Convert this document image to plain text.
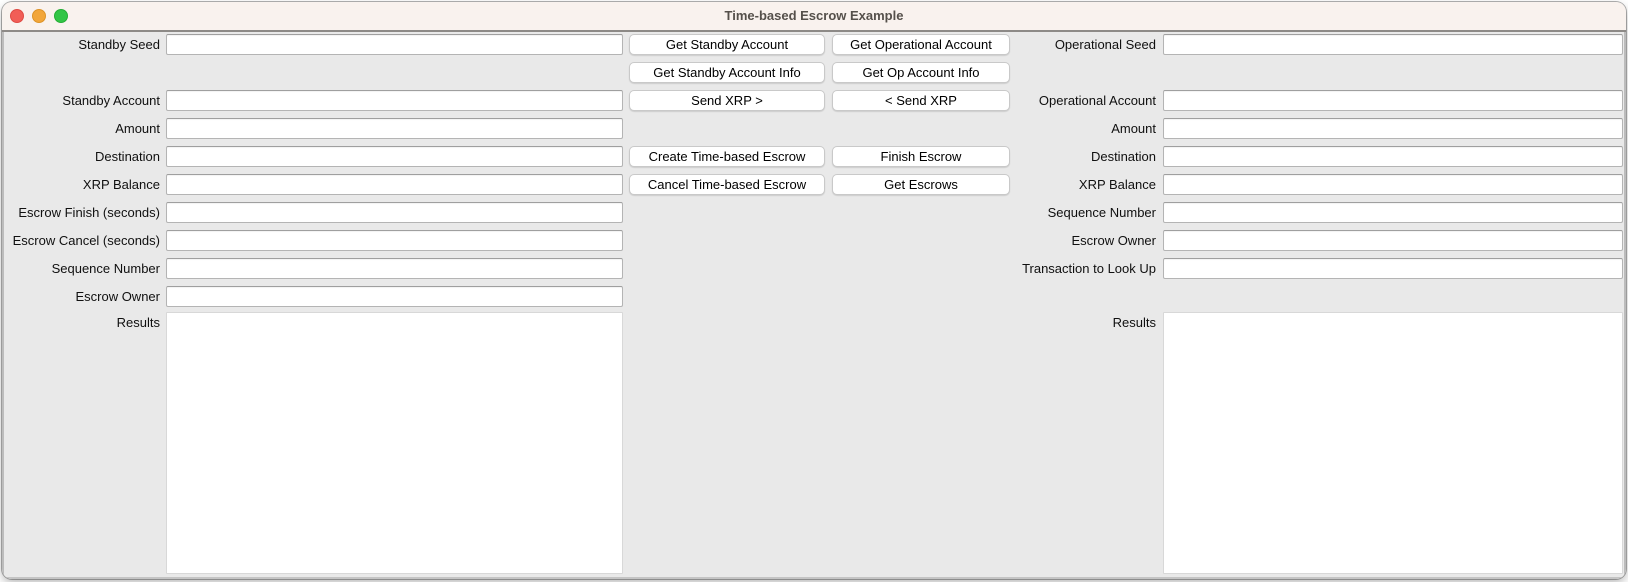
Time-based Escrow Example
Standby Seed
Standby Account
Amount
Destination
XRP Balance
Escrow Finish (seconds)
Escrow Cancel (seconds)
Sequence Number
Escrow Owner
Results
Get Standby Account
Get Standby Account Info
Send XRP >
Create Time-based Escrow
Cancel Time-based Escrow
Get Operational Account
Get Op Account Info
< Send XRP
Finish Escrow
Get Escrows
Operational Seed
Operational Account
Amount
Destination
XRP Balance
Sequence Number
Escrow Owner
Transaction to Look Up
Results
